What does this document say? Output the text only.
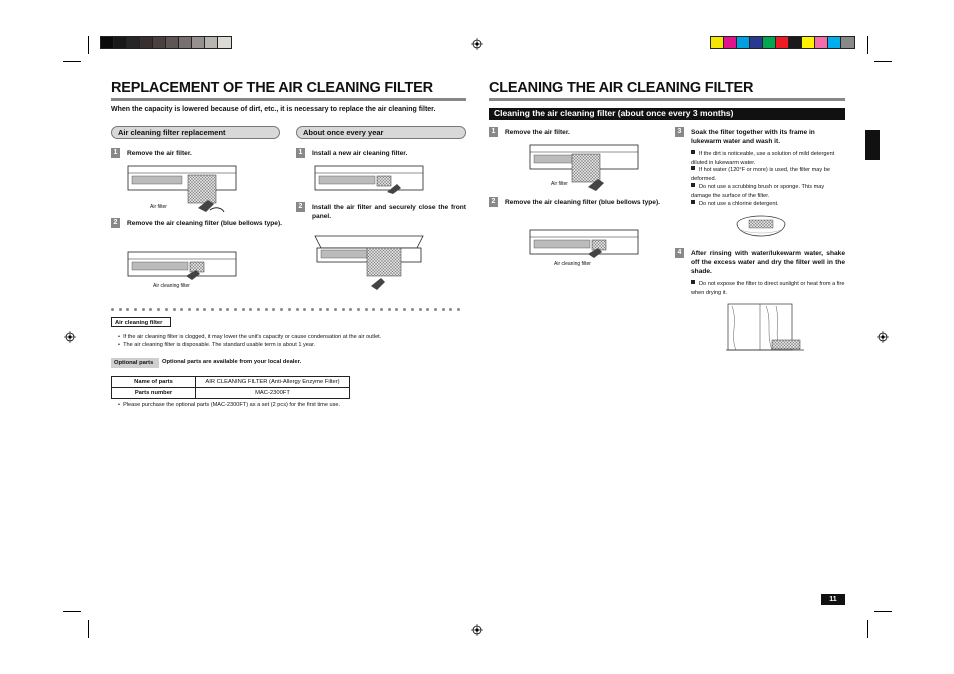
REPLACEMENT OF THE AIR CLEANING FILTER
When the capacity is lowered because of dirt, etc., it is necessary to replace the air cleaning filter.
Air cleaning filter replacement	About once every year
1	Remove the air filter.
Air filter
2	Remove the air cleaning filter (blue bellows type).
Air cleaning filter
1	Install a new air cleaning filter.
2	Install the air filter and securely close the front panel.
Air cleaning filter
•  If the air cleaning filter is clogged, it may lower the unit's capacity or cause condensation at the air outlet.
•  The air cleaning filter is disposable. The standard usable term is about 1 year.
Optional parts	Optional parts are available from your local dealer.
Name of parts	AIR CLEANING FILTER (Anti-Allergy Enzyme Filter)
Parts number	MAC-2300FT
•  Please purchase the optional parts (MAC-2300FT) as a set (2 pcs) for the first time use.
CLEANING THE AIR CLEANING FILTER
Cleaning the air cleaning filter (about once every 3 months)
1	Remove the air filter.
Air filter
2	Remove the air cleaning filter (blue bellows type).
Air cleaning filter
3	Soak the filter together with its frame in lukewarm water and wash it.
If the dirt is noticeable, use a solution of mild detergent diluted in lukewarm water.
If hot water (120°F or more) is used, the filter may be deformed.
Do not use a scrubbing brush or sponge. This may damage the surface of the filter.
Do not use a chlorine detergent.
4	After rinsing with water/lukewarm water, shake off the excess water and dry the filter well in the shade.
Do not expose the filter to direct sunlight or heat from a fire when drying it.
11
